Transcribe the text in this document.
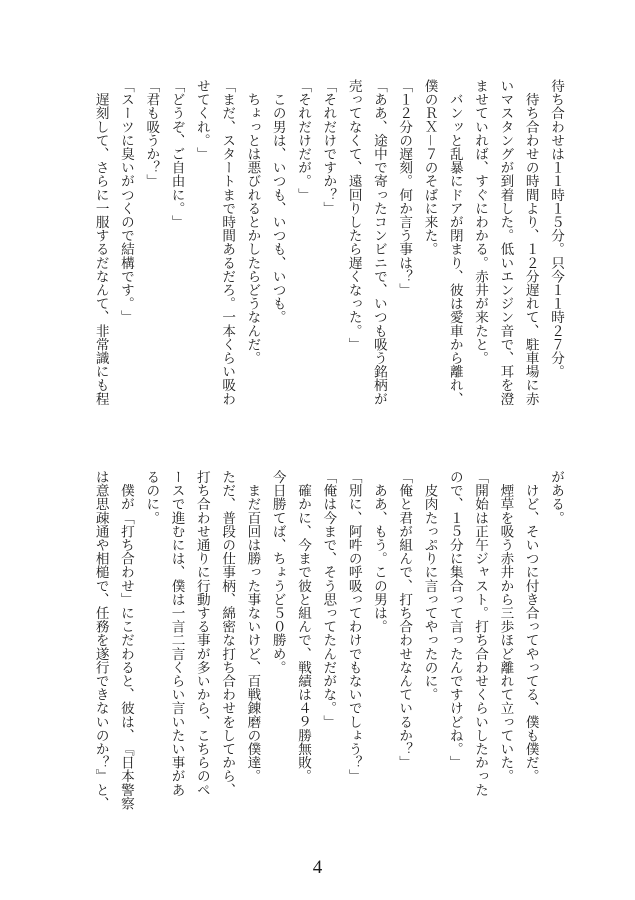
待ち合わせは１１時１５分。只今１１時２７分。
　待ち合わせの時間より、１２分遅れて、駐車場に赤
いマスタングが到着した。低いエンジン音で、耳を澄
ませていれば、すぐにわかる。赤井が来たと。
　バンッと乱暴にドアが閉まり、彼は愛車から離れ、
僕のＲＸ－７のそばに来た。
「１２分の遅刻。何か言う事は？」
「ああ、途中で寄ったコンビニで、いつも吸う銘柄が
売ってなくて、遠回りしたら遅くなった。」
「それだけですか？」
「それだけだが。」
　この男は、いつも、いつも、いつも。
　ちょっとは悪びれるとかしたらどうなんだ。
「まだ、スタートまで時間あるだろ。一本くらい吸わ
せてくれ。」
「どうぞ、ご自由に。」
「君も吸うか？」
「スーツに臭いがつくので結構です。」
　遅刻して、さらに一服するだなんて、非常識にも程
がある。
　けど、そいつに付き合ってやってる、僕も僕だ。
　煙草を吸う赤井から三歩ほど離れて立っていた。
「開始は正午ジャスト。打ち合わせくらいしたかった
ので、１５分に集合って言ったんですけどね。」
　皮肉たっぷりに言ってやったのに。
「俺と君が組んで、打ち合わせなんているか？」
　ああ、もう。この男は。
「別に、阿吽の呼吸ってわけでもないでしょう？」
「俺は今まで、そう思ってたんだがな。」
　確かに、今まで彼と組んで、戦績は４９勝無敗。
今日勝てば、ちょうど５０勝め。
　まだ百回は勝った事ないけど、百戦錬磨の僕達。
ただ、普段の仕事柄、綿密な打ち合わせをしてから、
打ち合わせ通りに行動する事が多いから、こちらのペ
ースで進むには、僕は一言二言くらい言いたい事があ
るのに。
　僕が「打ち合わせ」にこだわると、彼は、『日本警察
は意思疎通や相槌で、任務を遂行できないのか？』と、
4
